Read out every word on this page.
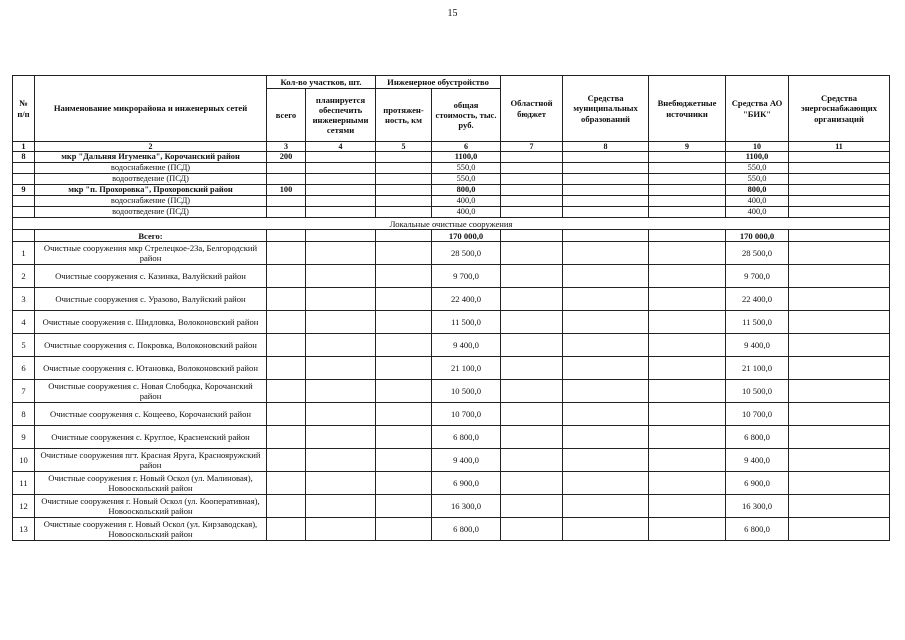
15
№ п/п	Наименование микрорайона и инженерных сетей	Кол-во участков, шт.		Инженерное обустройство		Областной бюджет	Средства муниципальных образований	Внебюджетные источники	Средства АО "БИК"	Средства энергоснабжающих организаций
		всего	планируется обеспечить инженерными сетями	протяжен-ность, км	общая стоимость, тыс. руб.					
1	2	3	4	5	6	7	8	9	10	11
8	мкр "Дальняя Игуменка", Корочанский район	200			1100,0				1100,0	
	водоснабжение (ПСД)				550,0				550,0	
	водоотведение (ПСД)				550,0				550,0	
9	мкр "п. Прохоровка", Прохоровский район	100			800,0				800,0	
	водоснабжение (ПСД)				400,0				400,0	
	водоотведение (ПСД)				400,0				400,0	
Локальные очистные сооружения										
	Всего:				170 000,0				170 000,0	
1	Очистные сооружения мкр Стрелецкое-23а, Белгородский район				28 500,0				28 500,0	
2	Очистные сооружения с. Казинка, Валуйский район				9 700,0				9 700,0	
3	Очистные сооружения с. Уразово, Валуйский район				22 400,0				22 400,0	
4	Очистные сооружения с. Шидловка, Волоконовский район				11 500,0				11 500,0	
5	Очистные сооружения с. Покровка, Волоконовский район				9 400,0				9 400,0	
6	Очистные сооружения с. Ютановка, Волоконовский район				21 100,0				21 100,0	
7	Очистные сооружения с. Новая Слободка, Корочанский район				10 500,0				10 500,0	
8	Очистные сооружения с. Кощеево, Корочанский район				10 700,0				10 700,0	
9	Очистные сооружения с. Круглое, Красненский район				6 800,0				6 800,0	
10	Очистные сооружения пгт. Красная Яруга, Краснояружский район				9 400,0				9 400,0	
11	Очистные сооружения г. Новый Оскол (ул. Малиновая), Новооскольский район				6 900,0				6 900,0	
12	Очистные сооружения г. Новый Оскол (ул. Кооперативная), Новооскольский район				16 300,0				16 300,0	
13	Очистные сооружения г. Новый Оскол (ул. Кирзаводская), Новооскольский район				6 800,0				6 800,0	
